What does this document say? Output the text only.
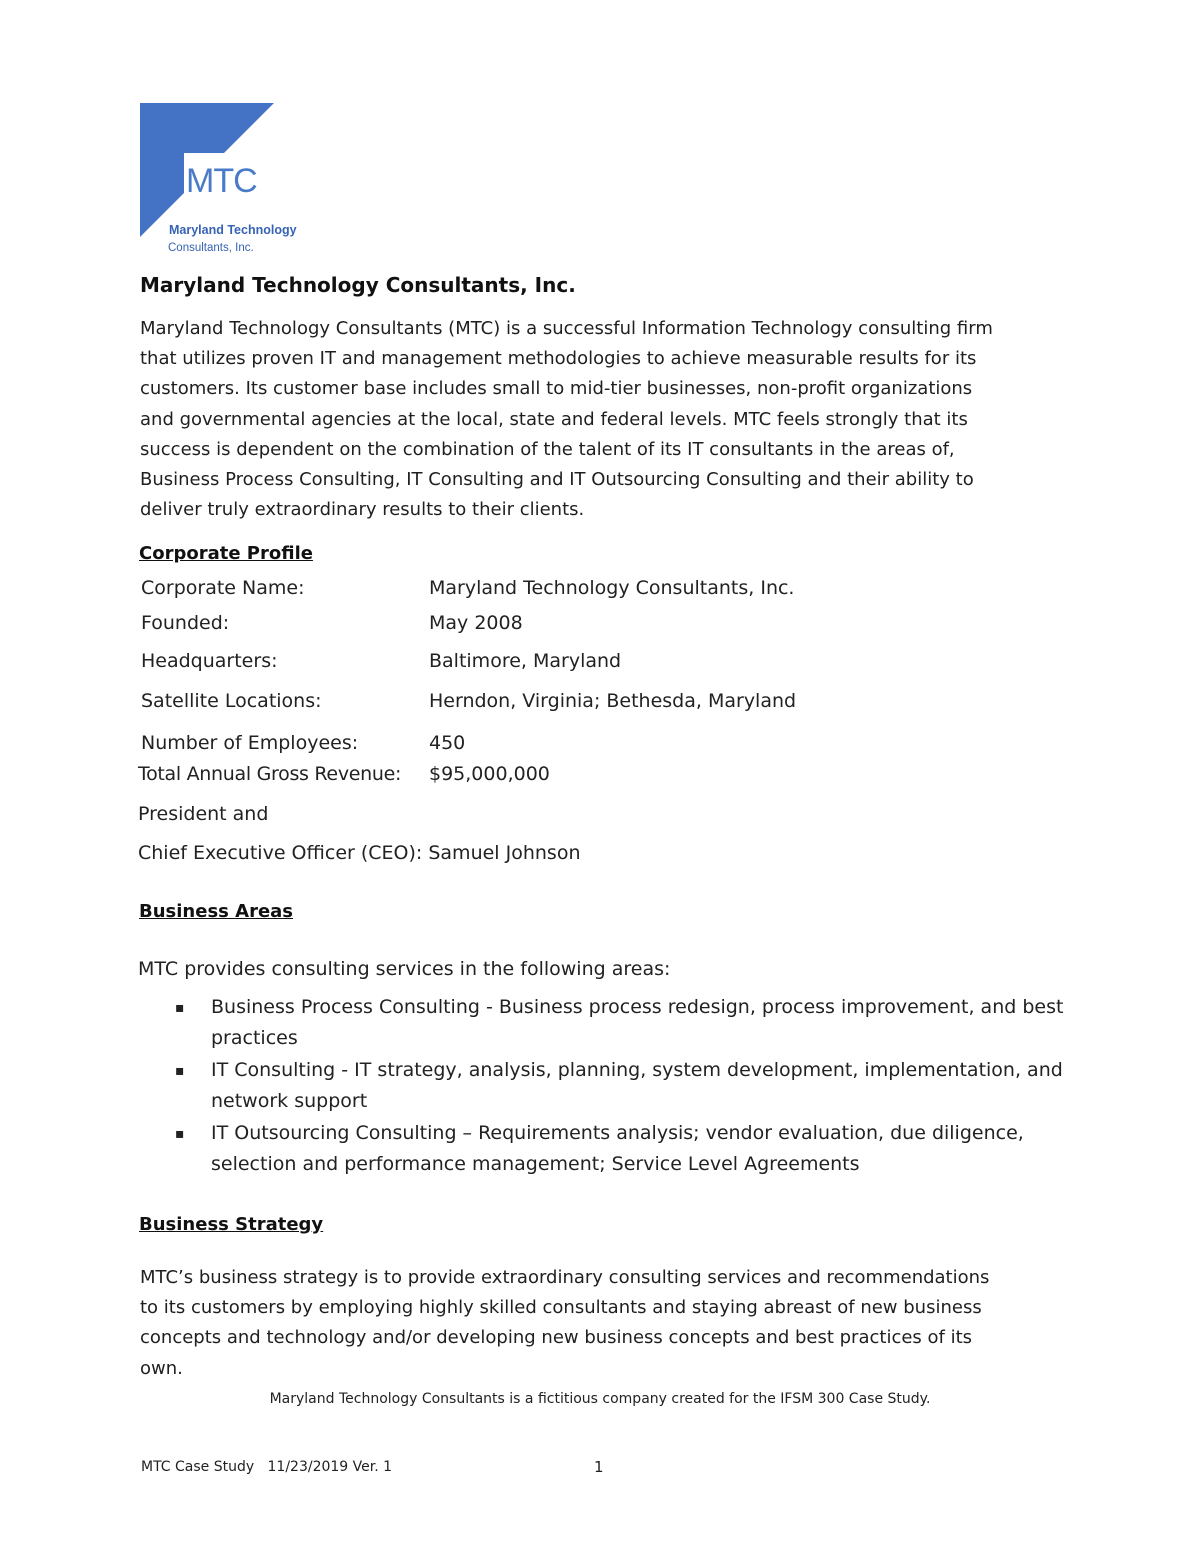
MTC
Maryland Technology
Consultants, Inc.
Maryland Technology Consultants, Inc.
Maryland Technology Consultants (MTC) is a successful Information Technology consulting firm
that utilizes proven IT and management methodologies to achieve measurable results for its
customers. Its customer base includes small to mid-tier businesses, non-profit organizations
and governmental agencies at the local, state and federal levels. MTC feels strongly that its
success is dependent on the combination of the talent of its IT consultants in the areas of,
Business Process Consulting, IT Consulting and IT Outsourcing Consulting and their ability to
deliver truly extraordinary results to their clients.
Corporate Profile
Corporate Name:	Maryland Technology Consultants, Inc.
Founded:	May 2008
Headquarters:	Baltimore, Maryland
Satellite Locations:	Herndon, Virginia; Bethesda, Maryland
Number of Employees:	450
Total Annual Gross Revenue: $95,000,000
President and
Chief Executive Officer (CEO): Samuel Johnson
Business Areas
MTC provides consulting services in the following areas:
▪ Business Process Consulting - Business process redesign, process improvement, and best
practices
▪ IT Consulting - IT strategy, analysis, planning, system development, implementation, and
network support
▪ IT Outsourcing Consulting – Requirements analysis; vendor evaluation, due diligence,
selection and performance management; Service Level Agreements
Business Strategy
MTC’s business strategy is to provide extraordinary consulting services and recommendations
to its customers by employing highly skilled consultants and staying abreast of new business
concepts and technology and/or developing new business concepts and best practices of its
own.
Maryland Technology Consultants is a fictitious company created for the IFSM 300 Case Study.
MTC Case Study   11/23/2019 Ver. 1	1
